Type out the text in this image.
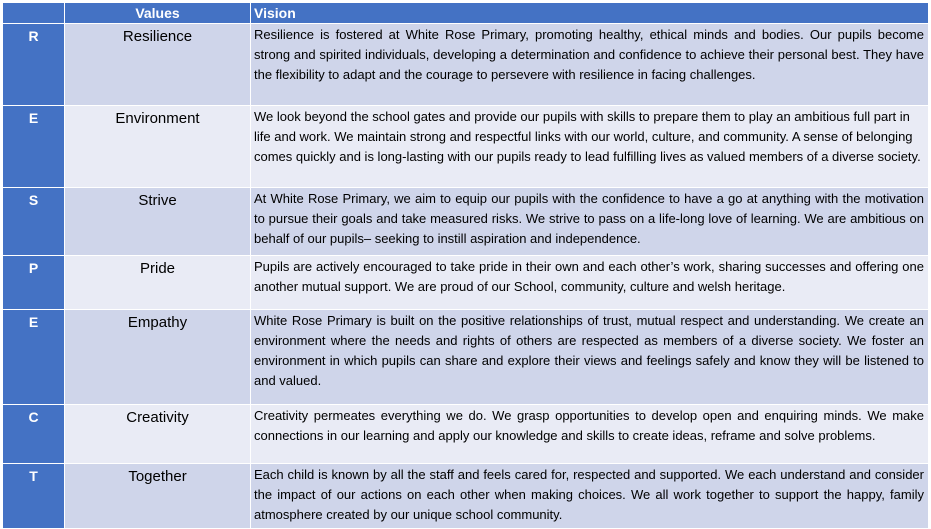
	Values	Vision
R	Resilience	Resilience is fostered at White Rose Primary, promoting healthy, ethical minds and bodies. Our pupils become strong and spirited individuals, developing a determination and confidence to achieve their personal best. They have the flexibility to adapt and the courage to persevere with resilience in facing challenges.
E	Environment	We look beyond the school gates and provide our pupils with skills to prepare them to play an ambitious full part in life and work. We maintain strong and respectful links with our world, culture, and community. A sense of belonging comes quickly and is long-lasting with our pupils ready to lead fulfilling lives as valued members of a diverse society.
S	Strive	At White Rose Primary, we aim to equip our pupils with the confidence to have a go at anything with the motivation to pursue their goals and take measured risks. We strive to pass on a life-long love of learning. We are ambitious on behalf of our pupils– seeking to instill aspiration and independence.
P	Pride	Pupils are actively encouraged to take pride in their own and each other’s work, sharing successes and offering one another mutual support. We are proud of our School, community, culture and welsh heritage.
E	Empathy	White Rose Primary is built on the positive relationships of trust, mutual respect and understanding. We create an environment where the needs and rights of others are respected as members of a diverse society. We foster an environment in which pupils can share and explore their views and feelings safely and know they will be listened to and valued.
C	Creativity	Creativity permeates everything we do. We grasp opportunities to develop open and enquiring minds. We make connections in our learning and apply our knowledge and skills to create ideas, reframe and solve problems.
T	Together	Each child is known by all the staff and feels cared for, respected and supported. We each understand and consider the impact of our actions on each other when making choices. We all work together to support the happy, family atmosphere created by our unique school community.
